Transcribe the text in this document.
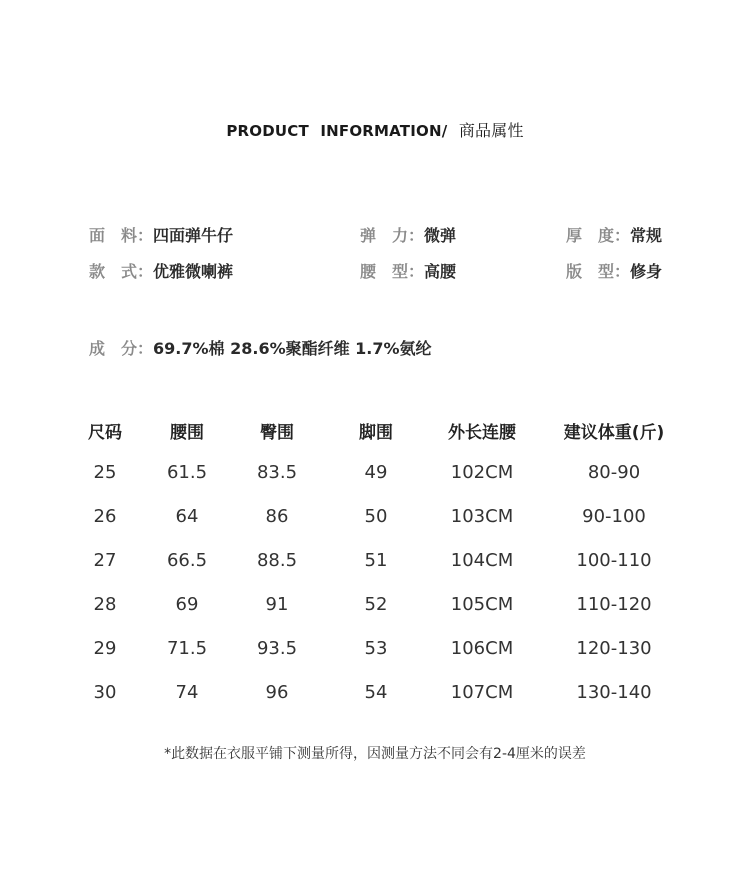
PRODUCT INFORMATION/ 商品属性
面　料：四面弹牛仔	弹　力：微弹	厚　度：常规
款　式：优雅微喇裤	腰　型：高腰	版　型：修身
成　分：69.7%棉 28.6%聚酯纤维 1.7%氨纶
尺码	腰围	臀围	脚围	外长连腰	建议体重(斤)
25	61.5	83.5	49	102CM	80-90
26	64	86	50	103CM	90-100
27	66.5	88.5	51	104CM	100-110
28	69	91	52	105CM	110-120
29	71.5	93.5	53	106CM	120-130
30	74	96	54	107CM	130-140
*此数据在衣服平铺下测量所得，因测量方法不同会有2-4厘米的误差
